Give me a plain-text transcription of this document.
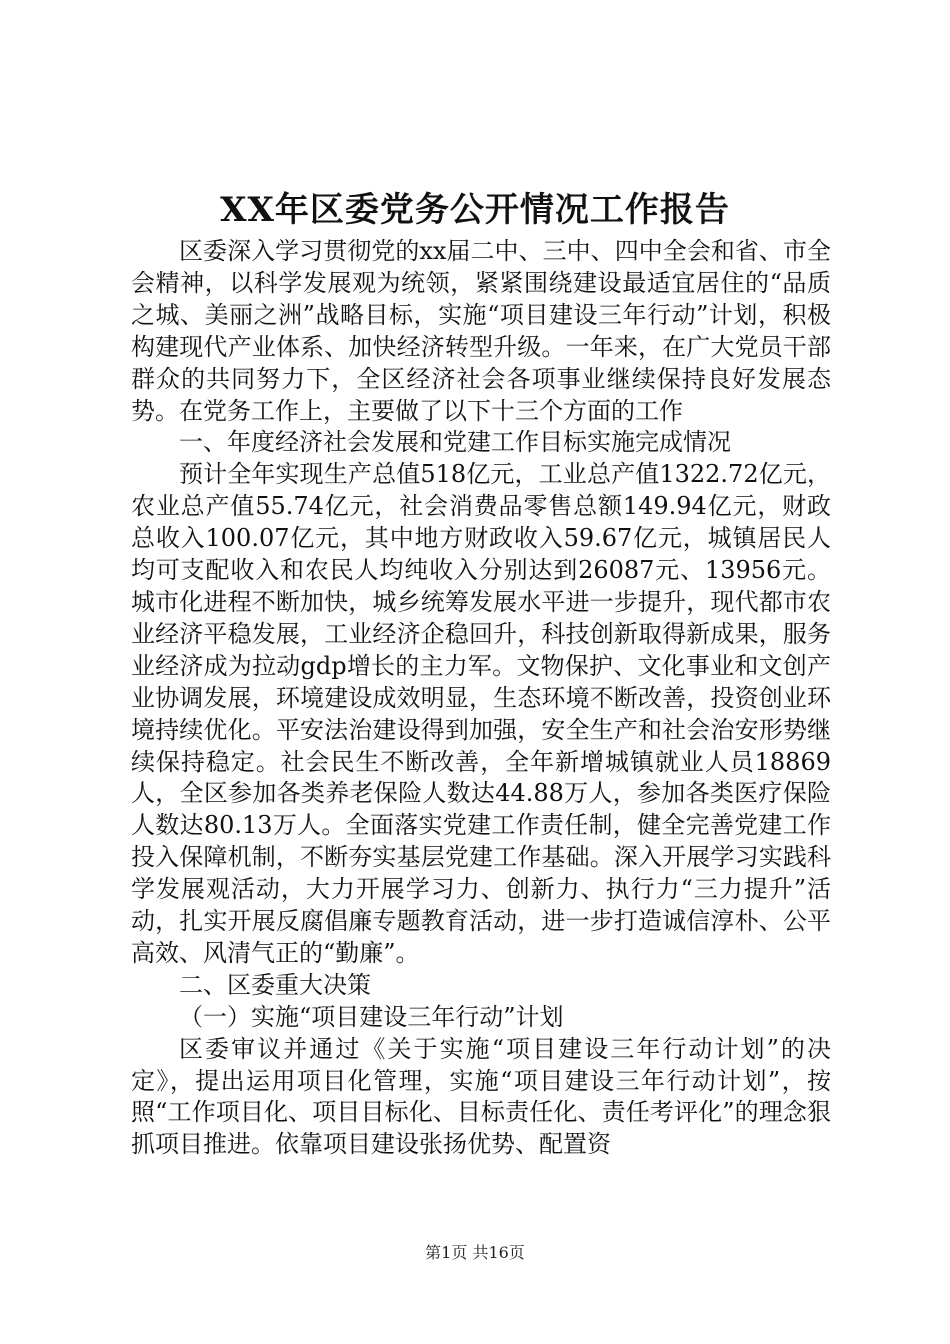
XX年区委党务公开情况工作报告

区委深入学习贯彻党的xx届二中、三中、四中全会和省、市全会精神，以科学发展观为统领，紧紧围绕建设最适宜居住的“品质之城、美丽之洲”战略目标，实施“项目建设三年行动”计划，积极构建现代产业体系、加快经济转型升级。一年来，在广大党员干部群众的共同努力下，全区经济社会各项事业继续保持良好发展态势。在党务工作上，主要做了以下十三个方面的工作

一、年度经济社会发展和党建工作目标实施完成情况

预计全年实现生产总值518亿元，工业总产值1322.72亿元，农业总产值55.74亿元，社会消费品零售总额149.94亿元，财政总收入100.07亿元，其中地方财政收入59.67亿元，城镇居民人均可支配收入和农民人均纯收入分别达到26087元、13956元。城市化进程不断加快，城乡统筹发展水平进一步提升，现代都市农业经济平稳发展，工业经济企稳回升，科技创新取得新成果，服务业经济成为拉动gdp增长的主力军。文物保护、文化事业和文创产业协调发展，环境建设成效明显，生态环境不断改善，投资创业环境持续优化。平安法治建设得到加强，安全生产和社会治安形势继续保持稳定。社会民生不断改善，全年新增城镇就业人员18869人，全区参加各类养老保险人数达44.88万人，参加各类医疗保险人数达80.13万人。全面落实党建工作责任制，健全完善党建工作投入保障机制，不断夯实基层党建工作基础。深入开展学习实践科学发展观活动，大力开展学习力、创新力、执行力“三力提升”活动，扎实开展反腐倡廉专题教育活动，进一步打造诚信淳朴、公平高效、风清气正的“勤廉”。

二、区委重大决策

（一）实施“项目建设三年行动”计划

区委审议并通过《关于实施“项目建设三年行动计划”的决定》，提出运用项目化管理，实施“项目建设三年行动计划”，按照“工作项目化、项目目标化、目标责任化、责任考评化”的理念狠抓项目推进。依靠项目建设张扬优势、配置资

第1页 共16页
